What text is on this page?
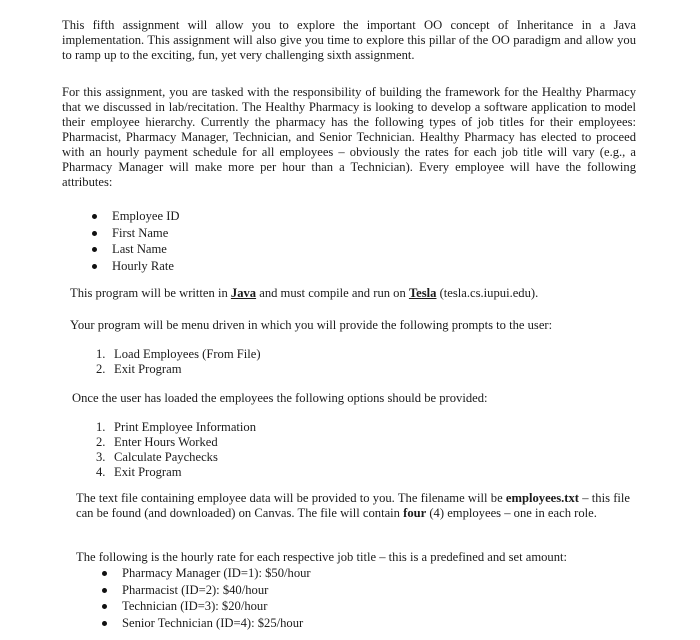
This fifth assignment will allow you to explore the important OO concept of Inheritance in a Java implementation. This assignment will also give you time to explore this pillar of the OO paradigm and allow you to ramp up to the exciting, fun, yet very challenging sixth assignment.

For this assignment, you are tasked with the responsibility of building the framework for the Healthy Pharmacy that we discussed in lab/recitation. The Healthy Pharmacy is looking to develop a software application to model their employee hierarchy. Currently the pharmacy has the following types of job titles for their employees: Pharmacist, Pharmacy Manager, Technician, and Senior Technician. Healthy Pharmacy has elected to proceed with an hourly payment schedule for all employees – obviously the rates for each job title will vary (e.g., a Pharmacy Manager will make more per hour than a Technician). Every employee will have the following attributes:

Employee ID
First Name
Last Name
Hourly Rate

This program will be written in Java and must compile and run on Tesla (tesla.cs.iupui.edu).

Your program will be menu driven in which you will provide the following prompts to the user:

1. Load Employees (From File)
2. Exit Program

Once the user has loaded the employees the following options should be provided:

1. Print Employee Information
2. Enter Hours Worked
3. Calculate Paychecks
4. Exit Program

The text file containing employee data will be provided to you. The filename will be employees.txt – this file can be found (and downloaded) on Canvas. The file will contain four (4) employees – one in each role.

The following is the hourly rate for each respective job title – this is a predefined and set amount:

Pharmacy Manager (ID=1): $50/hour
Pharmacist (ID=2): $40/hour
Technician (ID=3): $20/hour
Senior Technician (ID=4): $25/hour
